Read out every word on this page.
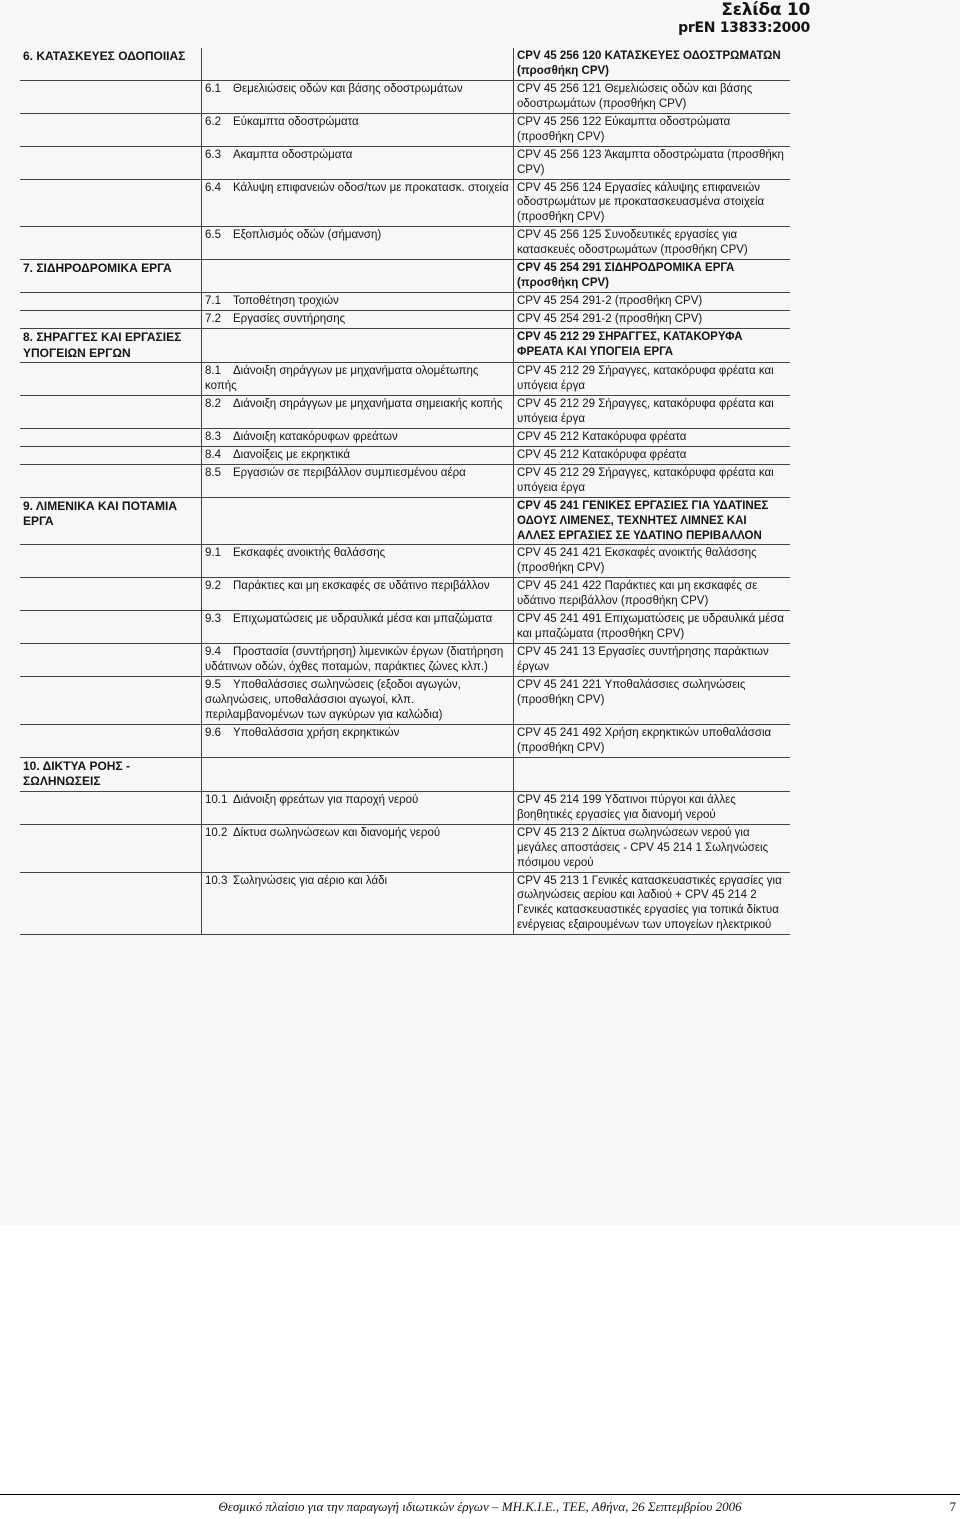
Σελίδα 10
prEN 13833:2000
6. ΚΑΤΑΣΚΕΥΕΣ ΟΔΟΠΟΙΙΑΣ		CPV 45 256 120 ΚΑΤΑΣΚΕΥΕΣ ΟΔΟΣΤΡΩΜΑΤΩΝ (προσθήκη CPV)
	6.1 Θεμελιώσεις οδών και βάσης οδοστρωμάτων	CPV 45 256 121 Θεμελιώσεις οδών και βάσης οδοστρωμάτων (προσθήκη CPV)
	6.2 Εύκαμπτα οδοστρώματα	CPV 45 256 122 Εύκαμπτα οδοστρώματα (προσθήκη CPV)
	6.3 Ακαμπτα οδοστρώματα	CPV 45 256 123 Άκαμπτα οδοστρώματα (προσθήκη CPV)
	6.4 Κάλυψη επιφανειών οδοσ/των με προκατασκ. στοιχεία	CPV 45 256 124 Εργασίες κάλυψης επιφανειών οδοστρωμάτων με προκατασκευασμένα στοιχεία (προσθήκη CPV)
	6.5 Εξοπλισμός οδών (σήμανση)	CPV 45 256 125 Συνοδευτικές εργασίες για κατασκευές οδοστρωμάτων (προσθήκη CPV)
7. ΣΙΔΗΡΟΔΡΟΜΙΚΑ ΕΡΓΑ		CPV 45 254 291 ΣΙΔΗΡΟΔΡΟΜΙΚΑ ΕΡΓΑ (προσθήκη CPV)
	7.1 Τοποθέτηση τροχιών	CPV 45 254 291-2 (προσθήκη CPV)
	7.2 Εργασίες συντήρησης	CPV 45 254 291-2 (προσθήκη CPV)
8. ΣΗΡΑΓΓΕΣ ΚΑΙ ΕΡΓΑΣΙΕΣ ΥΠΟΓΕΙΩΝ ΕΡΓΩΝ		CPV 45 212 29 ΣΗΡΑΓΓΕΣ, ΚΑΤΑΚΟΡΥΦΑ ΦΡΕΑΤΑ ΚΑΙ ΥΠΟΓΕΙΑ ΕΡΓΑ
	8.1 Διάνοιξη σηράγγων με μηχανήματα ολομέτωπης κοπής	CPV 45 212 29 Σήραγγες, κατακόρυφα φρέατα και υπόγεια έργα
	8.2 Διάνοιξη σηράγγων με μηχανήματα σημειακής κοπής	CPV 45 212 29 Σήραγγες, κατακόρυφα φρέατα και υπόγεια έργα
	8.3 Διάνοιξη κατακόρυφων φρεάτων	CPV 45 212 Κατακόρυφα φρέατα
	8.4 Διανοίξεις με εκρηκτικά	CPV 45 212 Κατακόρυφα φρέατα
	8.5 Εργασιών σε περιβάλλον συμπιεσμένου αέρα	CPV 45 212 29 Σήραγγες, κατακόρυφα φρέατα και υπόγεια έργα
9. ΛΙΜΕΝΙΚΑ ΚΑΙ ΠΟΤΑΜΙΑ ΕΡΓΑ		CPV 45 241 ΓΕΝΙΚΕΣ ΕΡΓΑΣΙΕΣ ΓΙΑ ΥΔΑΤΙΝΕΣ ΟΔΟΥΣ ΛΙΜΕΝΕΣ, ΤΕΧΝΗΤΕΣ ΛΙΜΝΕΣ ΚΑΙ ΑΛΛΕΣ ΕΡΓΑΣΙΕΣ ΣΕ ΥΔΑΤΙΝΟ ΠΕΡΙΒΑΛΛΟΝ
	9.1 Εκσκαφές ανοικτής θαλάσσης	CPV 45 241 421 Εκσκαφές ανοικτής θαλάσσης (προσθήκη CPV)
	9.2 Παράκτιες και μη εκσκαφές σε υδάτινο περιβάλλον	CPV 45 241 422 Παράκτιες και μη εκσκαφές σε υδάτινο περιβάλλον (προσθήκη CPV)
	9.3 Επιχωματώσεις με υδραυλικά μέσα και μπαζώματα	CPV 45 241 491 Επιχωματώσεις με υδραυλικά μέσα και μπαζώματα (προσθήκη CPV)
	9.4 Προστασία (συντήρηση) λιμενικών έργων (διατήρηση υδάτινων οδών, όχθες ποταμών, παράκτιες ζώνες κλπ.)	CPV 45 241 13 Εργασίες συντήρησης παράκτιων έργων
	9.5 Υποθαλάσσιες σωληνώσεις (εξοδοι αγωγών, σωληνώσεις, υποθαλάσσιοι αγωγοί, κλπ. περιλαμβανομένων των αγκύρων για καλώδια)	CPV 45 241 221 Υποθαλάσσιες σωληνώσεις (προσθήκη CPV)
	9.6 Υποθαλάσσια χρήση εκρηκτικών	CPV 45 241 492 Χρήση εκρηκτικών υποθαλάσσια (προσθήκη CPV)
10. ΔΙΚΤΥΑ ΡΟΗΣ - ΣΩΛΗΝΩΣΕΙΣ		
	10.1 Διάνοιξη φρεάτων για παροχή νερού	CPV 45 214 199 Υδατινοι πύργοι και άλλες βοηθητικές εργασίες για διανομή νερού
	10.2 Δίκτυα σωληνώσεων και διανομής νερού	CPV 45 213 2 Δίκτυα σωληνώσεων νερού για μεγάλες αποστάσεις - CPV 45 214 1 Σωληνώσεις πόσιμου νερού
	10.3 Σωληνώσεις για αέριο και λάδι	CPV 45 213 1 Γενικές κατασκευαστικές εργασίες για σωληνώσεις αερίου και λαδιού + CPV 45 214 2 Γενικές κατασκευαστικές εργασίες για τοπικά δίκτυα ενέργειας εξαιρουμένων των υπογείων ηλεκτρικού
Θεσμικό πλαίσιο για την παραγωγή ιδιωτικών έργων – ΜΗ.Κ.Ι.Ε., ΤΕΕ, Αθήνα, 26 Σεπτεμβρίου 2006	7
